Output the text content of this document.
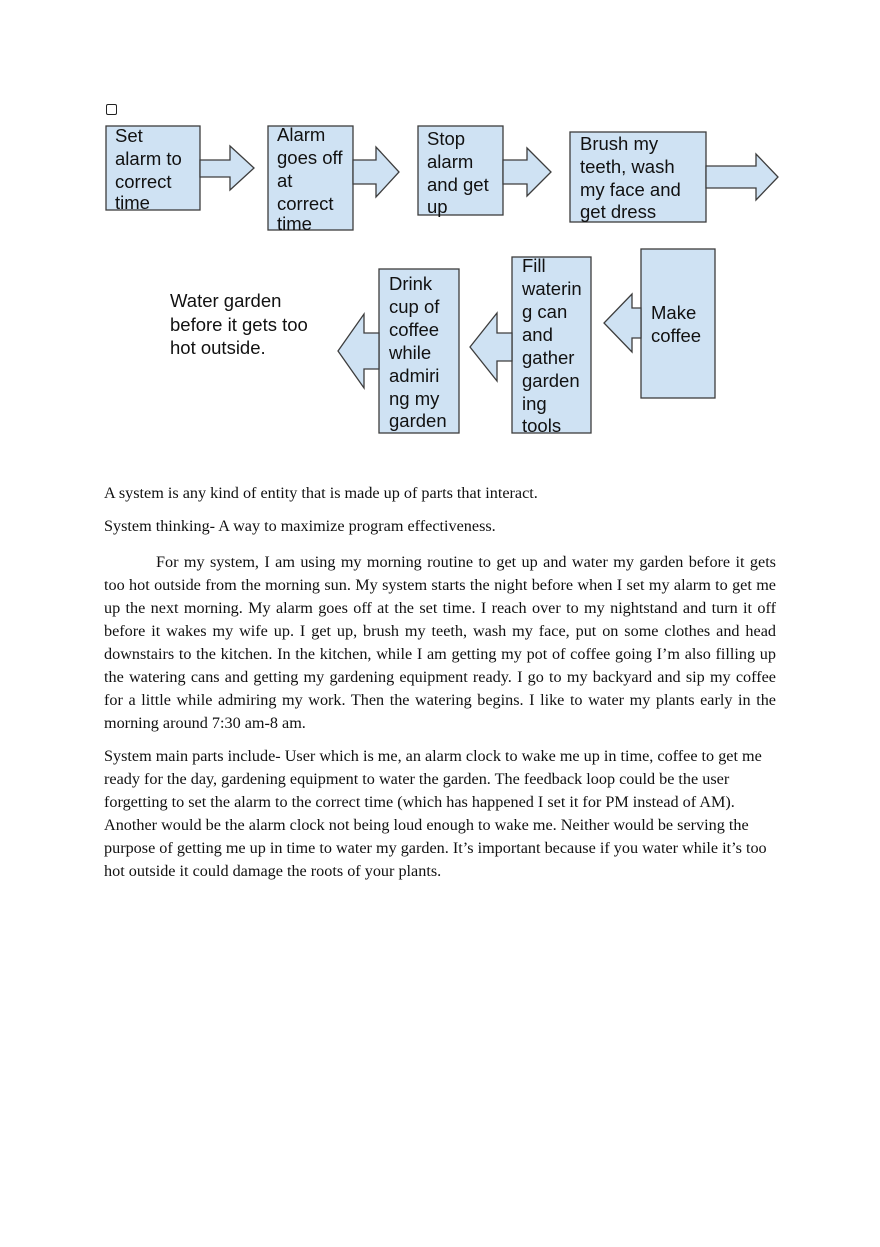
Set alarm to correct time
Alarm goes off at correct time
Stop alarm and get up
Brush my teeth, wash my face and get dress
Make coffee
Fill waterin g can and gather garden ing tools
Drink cup of coffee while admiri ng my garden
Water garden before it gets too hot outside.

A system is any kind of entity that is made up of parts that interact.

System thinking- A way to maximize program effectiveness.

For my system, I am using my morning routine to get up and water my garden before it gets too hot outside from the morning sun. My system starts the night before when I set my alarm to get me up the next morning. My alarm goes off at the set time. I reach over to my nightstand and turn it off before it wakes my wife up. I get up, brush my teeth, wash my face, put on some clothes and head downstairs to the kitchen. In the kitchen, while I am getting my pot of coffee going I’m also filling up the watering cans and getting my gardening equipment ready. I go to my backyard and sip my coffee for a little while admiring my work. Then the watering begins. I like to water my plants early in the morning around 7:30 am-8 am.

System main parts include- User which is me, an alarm clock to wake me up in time, coffee to get me ready for the day, gardening equipment to water the garden. The feedback loop could be the user forgetting to set the alarm to the correct time (which has happened I set it for PM instead of AM). Another would be the alarm clock not being loud enough to wake me. Neither would be serving the purpose of getting me up in time to water my garden. It’s important because if you water while it’s too hot outside it could damage the roots of your plants.
